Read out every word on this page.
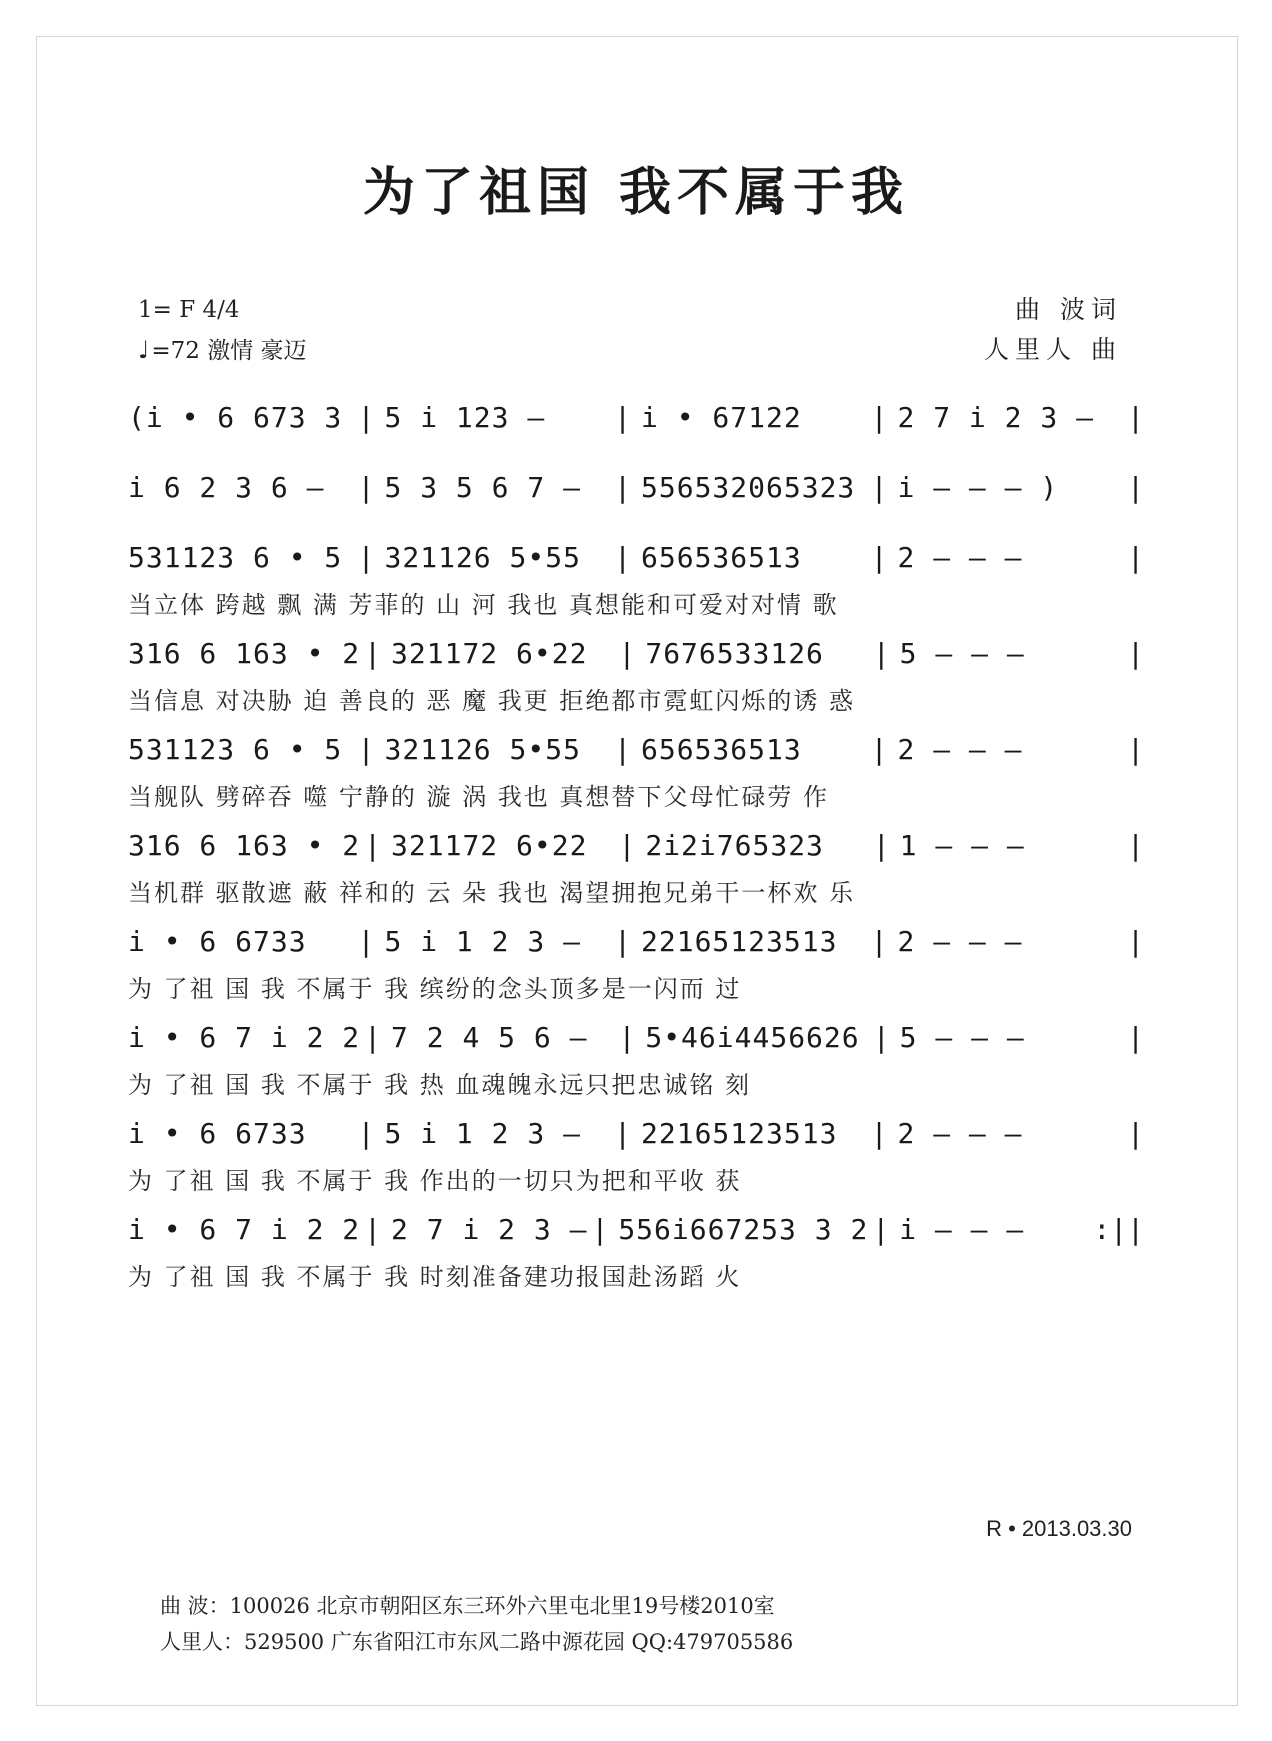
为了祖国 我不属于我
1= F 4/4
♩=72 激情 豪迈
曲 波词
人里人 曲
(i • 6 673 3 | 5 i 123 –	| i • 67122	| 2 7 i 2 3 –	|
i 6 2 3 6 –	| 5 3 5 6 7 –	| 556532065323 | i – – – )	|
531123 6 • 5 | 321126 5•55	| 656536513	| 2 – – –	|
当立体 跨越 飘 满 芳菲的 山 河 我也 真想能和可爱对对情 歌
316 6 163 • 2 | 321172 6•22	| 7676533126	| 5 – – –	|
当信息 对决胁 迫 善良的 恶 魔 我更 拒绝都市霓虹闪烁的诱 惑
531123 6 • 5 | 321126 5•55	| 656536513	| 2 – – –	|
当舰队 劈碎吞 噬 宁静的 漩 涡 我也 真想替下父母忙碌劳 作
316 6 163 • 2 | 321172 6•22	| 2i2i765323	| 1 – – –	|
当机群 驱散遮 蔽 祥和的 云 朵 我也 渴望拥抱兄弟干一杯欢 乐
i • 6 6733	| 5 i 1 2 3 –	| 22165123513	| 2 – – –	|
为 了祖 国 我 不属于 我 缤纷的念头顶多是一闪而 过
i • 6 7 i 2 2 | 7 2 4 5 6 –	| 5•46i4456626 | 5 – – –	|
为 了祖 国 我 不属于 我 热 血魂魄永远只把忠诚铭 刻
i • 6 6733	| 5 i 1 2 3 –	| 22165123513	| 2 – – –	|
为 了祖 国 我 不属于 我 作出的一切只为把和平收 获
i • 6 7 i 2 2 | 2 7 i 2 3 – | 556i667253 3 2 | i – – –	:||
为 了祖 国 我 不属于 我 时刻准备建功报国赴汤蹈 火
R • 2013.03.30
曲 波：100026 北京市朝阳区东三环外六里屯北里19号楼2010室
人里人：529500 广东省阳江市东风二路中源花园 QQ:479705586
